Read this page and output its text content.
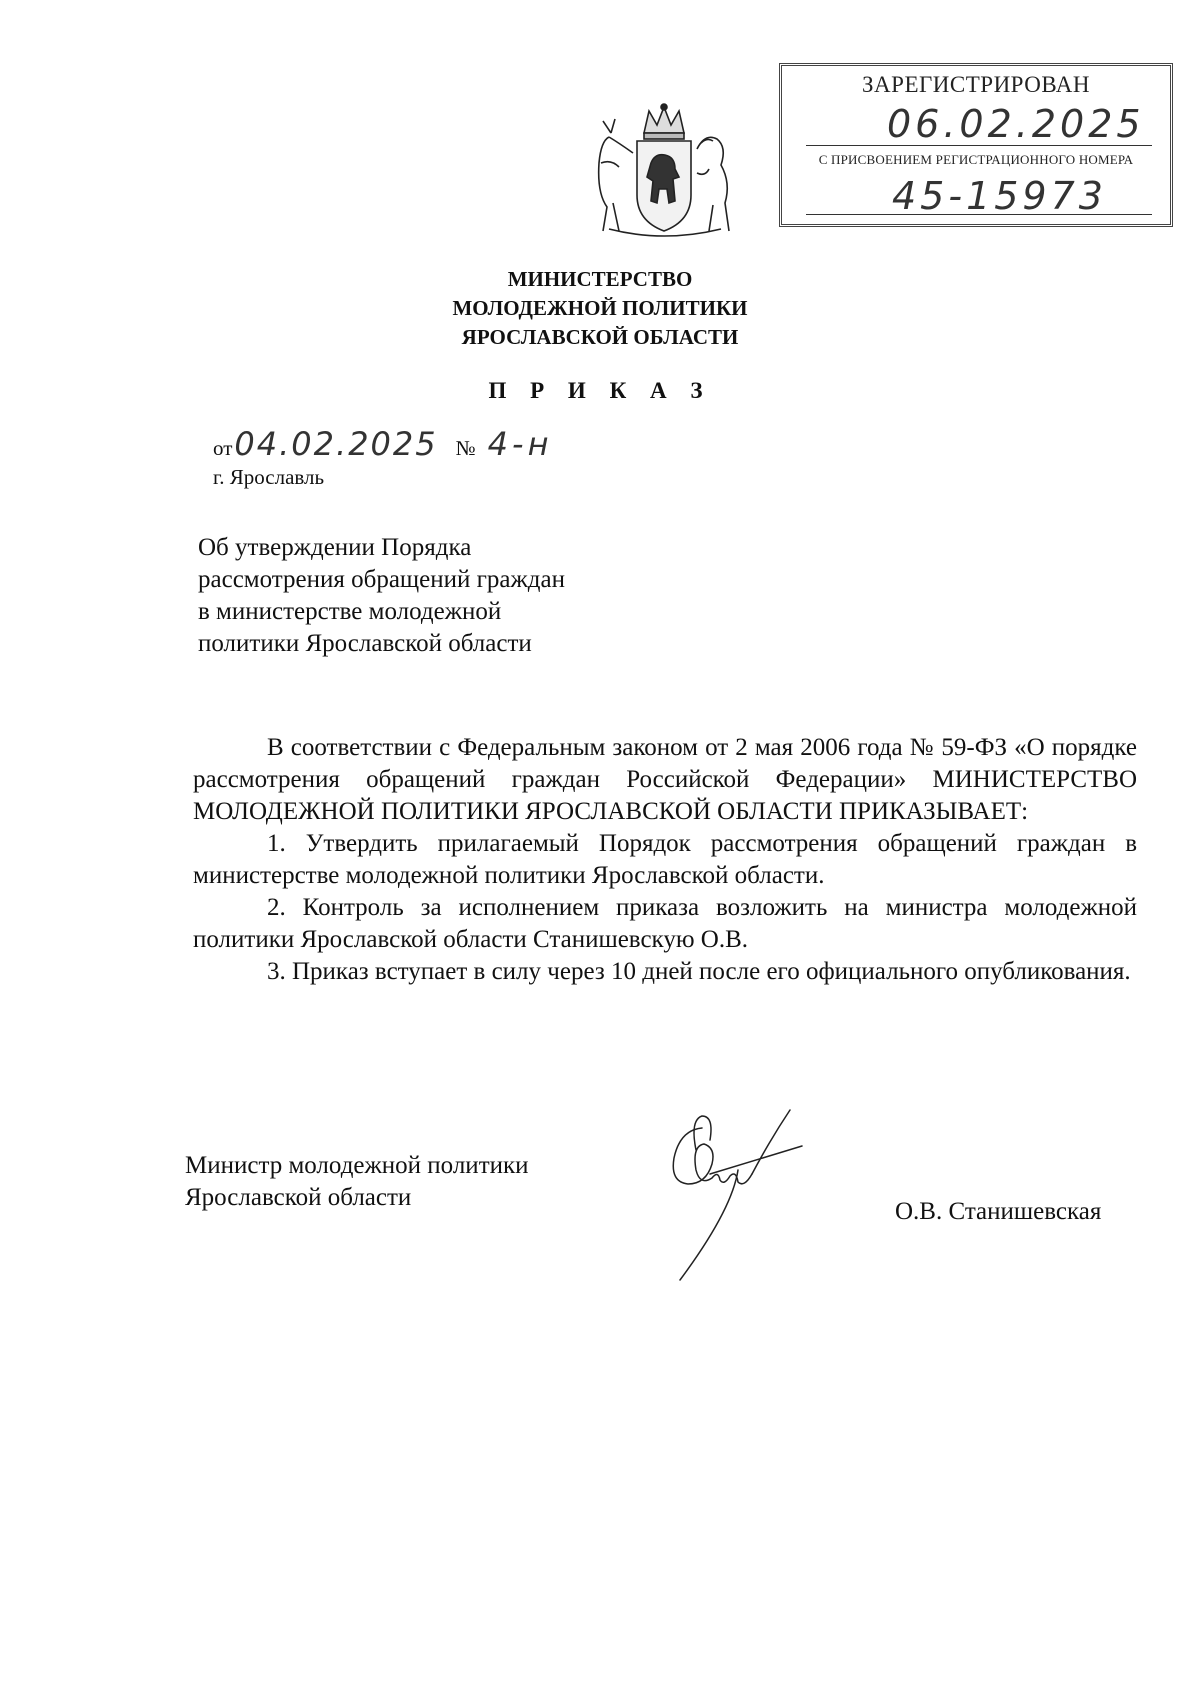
ЗАРЕГИСТРИРОВАН
06.02.2025
С ПРИСВОЕНИЕМ РЕГИСТРАЦИОННОГО НОМЕРА
45-15973
МИНИСТЕРСТВО
МОЛОДЕЖНОЙ ПОЛИТИКИ
ЯРОСЛАВСКОЙ ОБЛАСТИ
П Р И К А З
от 04.02.2025 № 4-н
г. Ярославль
Об утверждении Порядка
рассмотрения обращений граждан
в министерстве молодежной
политики Ярославской области

В соответствии с Федеральным законом от 2 мая 2006 года № 59-ФЗ «О порядке рассмотрения обращений граждан Российской Федерации» МИНИСТЕРСТВО МОЛОДЕЖНОЙ ПОЛИТИКИ ЯРОСЛАВСКОЙ ОБЛАСТИ ПРИКАЗЫВАЕТ:

1. Утвердить прилагаемый Порядок рассмотрения обращений граждан в министерстве молодежной политики Ярославской области.

2. Контроль за исполнением приказа возложить на министра молодежной политики Ярославской области Станишевскую О.В.

3. Приказ вступает в силу через 10 дней после его официального опубликования.

Министр молодежной политики
Ярославской области
О.В. Станишевская
